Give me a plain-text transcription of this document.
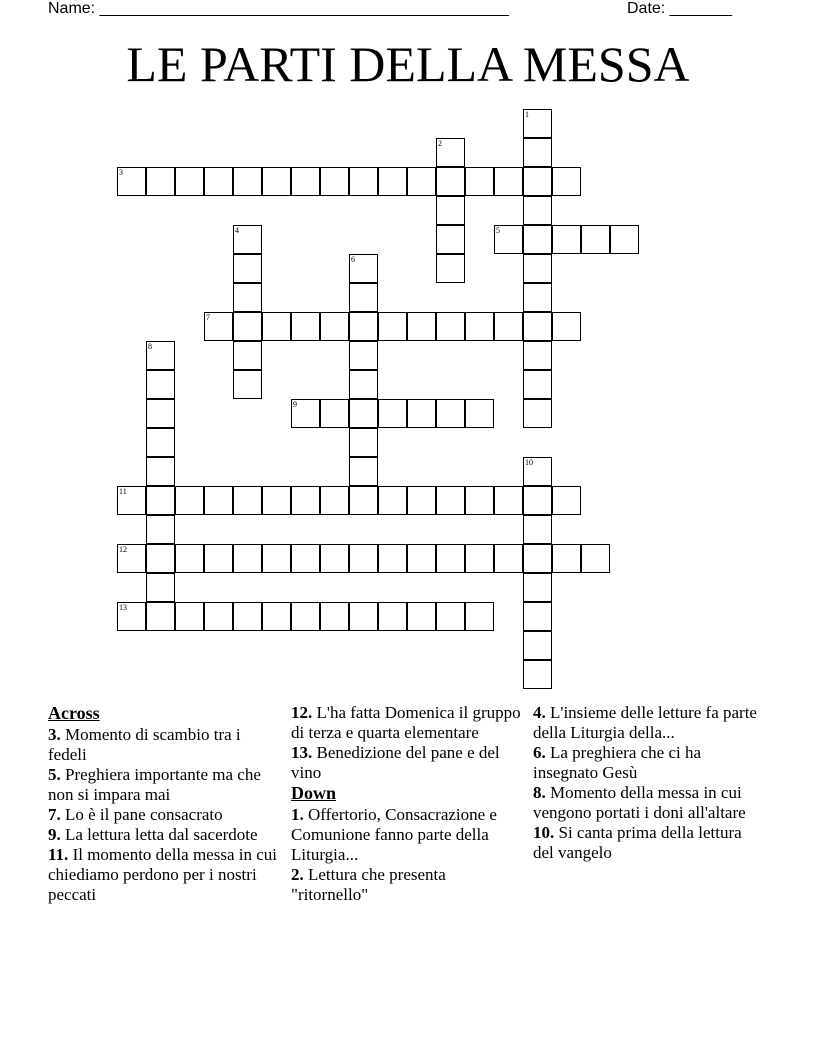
Name: ______________________________________________	Date: _______
LE PARTI DELLA MESSA
3
5
7
9
11
12
13
1
2
4
6
8
10
Across

3. Momento di scambio tra i fedeli

5. Preghiera importante ma che non si impara mai

7. Lo è il pane consacrato

9. La lettura letta dal sacerdote

11. Il momento della messa in cui chiediamo perdono per i nostri peccati

12. L'ha fatta Domenica il gruppo di terza e quarta elementare

13. Benedizione del pane e del vino

Down

1. Offertorio, Consacrazione e Comunione fanno parte della Liturgia...

2. Lettura che presenta "ritornello"

4. L'insieme delle letture fa parte della Liturgia della...

6. La preghiera che ci ha insegnato Gesù

8. Momento della messa in cui vengono portati i doni all'altare

10. Si canta prima della lettura del vangelo
